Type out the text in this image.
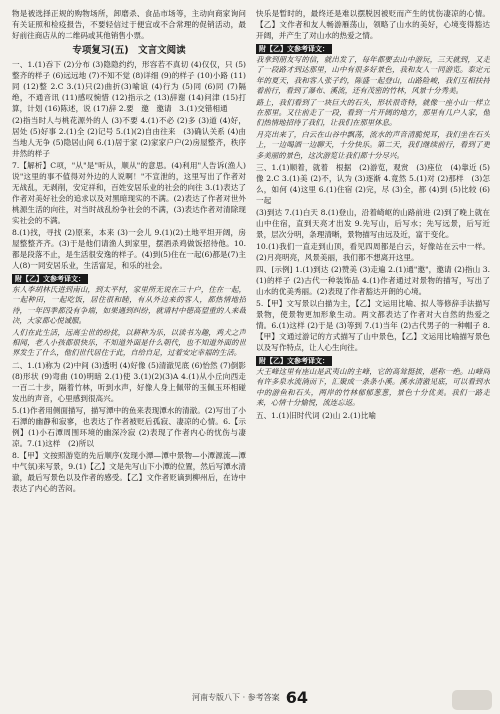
物是被选择正规的购物场所，卸磨杀、食品市场等，主动向商家询问有关证照和检疫报告，不要轻信过于便宜或不合常理的促销活动，最好前往商店从的二维码或其他销售小票。

专项复习(五)　文言文阅读

一、1.(1)吞下 (2)分布 (3)隐隐约约，形容若不真切 (4)仅仅，只 (5)整齐的样子 (6)远远地 (7)不知不觉 (8)详细 (9)的样子 (10)小路 (11)同 (12)整 2.C 3.(1)只(2)曲折(3)喻谊 (4)行为 (5)同 (6)同 (7)隔绝，不通音讯 (11)感叹惋惜 (12)指示之 (13)辞谢 (14)问津 (15)打算，计划 (16)陈述，说 (17)辞 2.要　邀　邀请　3.(1)交错相通

(2)指当时人与桃花源外的人 (3)不要 4.(1)不必 (2)多 (3)道 (4)好，居处 (5)好事 2.(1)全 (2)记号 5.(1)(2)自由往来　(3)确认关系 (4)由当地人无争 (5)隐居山间 6.(1)居于家 (2)家家户户(2)房屋整齐，秩序井然的样子

7.【解析】C项，"从"是"听从，顺从"的意思。(4)利用"人告诉(渔人)说"这里的事不值得对外边的人说啊！"不宣泄的，这里写出了作者对无战乱，无剥削，安定祥和，百姓安居乐业的社会的向往 3.(1)表达了作者对美好社会的追求以及对黑暗现实的不满。(2)表达了作者对世外桃源生活的向往，对当时战乱纷争社会的不满，(3)表达作者对清除现实社会的不满。

8.(1)找，寻找 (2)原来，本来 (3)一会儿 9.(1)(2)土地平坦开阔，房屋整整齐齐。(3)于是他们请渔人到家里，摆酒杀鸡做饭招待他。10.都是段落不止，是生活很安逸的样子。(4)到(5)住在一起(6)都是(7)主人(8)一同安居乐业，生活富足，和乐的社会。

附【乙】文参考译文：

东人李胡林氏进到南山，到太平村，家里所无说在三十户，住在一起，一起种田，一起吃饭，居住很和睦，有从外边来的客人，都热情地招待，一年四季都没有争端，如果遇到纠纷，就请村中德高望重的人来裁决，大家都心悦诚服。

人们在此生活，远离尘世的纷扰，以耕种为乐，以读书为趣，鸡犬之声相闻，老人小孩都很快乐，不知道外面是什么朝代，也不知道外面的世界发生了什么，他们世代居住于此，自给自足，过着安定幸福的生活。

二、1.(1)称为 (2)中间 (3)透明 (4)好像 (5)清澈见底 (6)怡然 (7)倒影 (8)形状 (9)弯曲 (10)明暗 2.(1)使 3.(1)(2)(3)A 4.(1)从小丘向西走一百二十步，隔着竹林，听到水声，好像人身上佩带的玉佩玉环相碰发出的声音，心里感到很高兴。

5.(1)作者用侧面描写，描写潭中的鱼来表现潭水的清澈。(2)写出了小石潭的幽静和寂寥，也表达了作者被贬后孤寂、凄凉的心情。6.【示例】(1)小石潭周围环境的幽深冷寂 (2)表现了作者内心的忧伤与凄凉。7.(1)这样　(2)所以

8.【甲】文按照游览的先后顺序(发现小潭—潭中景物—小潭源流—潭中气氛)来写景，9.(1)【乙】文是先写山下小潭的位置，然后写潭水清澈，最后写景色以及作者的感受。【乙】文作者贬谪到柳州后，在诗中表达了内心的苦闷。

快乐是暂时的，最终还是难以摆脱因被贬而产生的忧伤凄凉的心情。【乙】文作者和友人畅游雁荡山，领略了山水的美好，心境变得豁达开阔，并产生了对山水的热爱之情。

附【乙】文参考译文：

我拿到朋友写的信，就出发了，每年都要去山中游玩，三天就到，又走了一段路才到达那里，山中有很多好景色，我和友人一同游览。泰定元年的夏天，我和客人张子约，陈盛一起登山，山路险峻，我们互相扶持着前行，看到了瀑布、溪流，还有茂密的竹林，风景十分秀美。

路上，我们看到了一块巨大的石头，形状很奇特，就像一座小山一样立在那里。又往前走了一段，看到一片开阔的地方，那里有几户人家，他们热情地招待了我们，让我们在那里休息。

月亮出来了，白云在山谷中飘荡，流水的声音清脆悦耳，我们坐在石头上，一边喝酒一边聊天，十分快乐。第二天，我们继续前行，看到了更多美丽的景色，这次游览让我们都十分尽兴。

三、1.(1)顺着，就着　根据　(2)游览，观赏　(3)座位　(4)靠近 (5)像 2.C 3.(1)美 (2)不，认为 (3)逐渐 4.竟然 5.(1)对 (2)那样　(3)怎么，如何 (4)这里 6.(1)住宿 (2)完，尽 (3)全，都 (4)到 (5)比较 (6)一起

(3)到达 7.(1)白天 8.(1)登山，沿着崎岖的山路前进 (2)到了晚上就在山中住宿，直到天亮才出发 9.先写山，后写水；先写远景，后写近景，层次分明，条理清晰，景物描写由远及近，富于变化。

10.(1)我们一直走到山顶，看见四周都是白云，好像站在云中一样。(2)月亮明亮，风景美丽，我们都不想离开这里。

四、[示例] 1.(1)到达 (2)赞美 (3)走遍 2.(1)通"邀"，邀请 (2)指山 3.(1)的样子 (2)古代一种装饰品 4.(1)作者通过对景物的描写，写出了山水的优美秀丽。(2)表现了作者豁达开朗的心境。

5.【甲】文写景以白描为主，【乙】文运用比喻、拟人等修辞手法描写景物，使景物更加形象生动。两文都表达了作者对大自然的热爱之情。6.(1)这样 (2)于是 (3)等到 7.(1)当年 (2)古代男子的一种帽子 8.【甲】文通过游记的方式描写了山中景色，【乙】文运用比喻描写景色以及写作特点，让人心生向往。

附【乙】文参考译文：

大王峰这里有座山是武夷山的主峰，它的高耸挺拔，堪称一绝。山峰间有许多泉水流淌而下，汇聚成一条条小溪。溪水清澈见底，可以看到水中的游鱼和石头，两岸的竹林郁郁葱葱，景色十分优美。我们一路走来，心情十分愉悦，流连忘返。

五、1.(1)旧时代词 (2)山 2.(1)比喻

河南专版八下 · 参考答案 64
